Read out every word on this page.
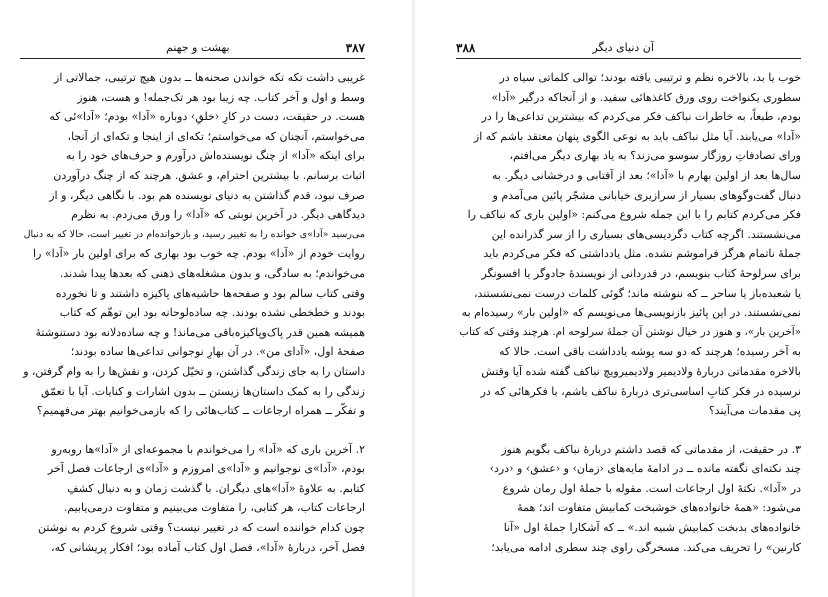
۳۸۷
بهشت و جهنم
غریبی داشت تکه تکه خواندن صحنه‌ها ــ بدون هیچ ترتیبی، جمالاتی از
وسط و اول و آخر کتاب. چه زیبا بود هر تک‌جمله! و هست، هنوز
هست. در حقیقت، دست در کارِ ‹خلقِ› دوباره «آدا» بودم؛ «آدا»ئی که
می‌خواستم، آنچنان که می‌خواستم؛ تکه‌ای از اینجا و تکه‌ای از آنجا،
برای اینکه «آدا» از چنگ نویسنده‌اش درآورم و حرف‌های خود را به
اثبات برسانم. با بیشترین احترام، و عشق. هرچند که از چنگ درآوردن
صرف نبود، قدم گذاشتن به دنیای نویسنده هم بود. با نگاهی دیگر، و از
دیدگاهی دیگر. در آخرین نوبتی که «آدا» را ورق می‌زدم. به نظرم
می‌رسید «آدا»ی خوانده را به تغییر رسید، و بازخوانده‌ام در تغییر است، حالا که به دنبال
روایت خودم از «آدا» بودم. چه خوب بود بهاری که برای اولین بار «آدا» را
می‌خواندم؛ به سادگی، و بدون مشغله‌های ذهنی که بعدها پیدا شدند.
وقتی کتاب سالم بود و صفحه‌ها حاشیه‌های پاکیزه داشتند و تا نخورده
بودند و خطخطی نشده بودند. چه ساده‌لوحانه بود این توهّم که کتاب
همیشه همین قدر پاک‌وپاکیزه‌باقی می‌ماند! و چه ساده‌دلانه بود دستنوشتهٔ
صفحهٔ اول، «آدای من». در آن بهارِ نوجوانی تداعی‌ها ساده بودند؛
داستان را به جای زندگی گذاشتن، و تخیّل کردن، و نقش‌ها را به وام گرفتن، و
زندگی را به کمک داستان‌ها زیستن ــ بدون اشارات و کنایات. آیا با تعمّق
و تفکّر ــ همراه ارجاعات ــ کتاب‌هائی را که بازمی‌خوانیم بهتر می‌فهمیم؟
۲. آخرین باری که «آدا» را می‌خواندم با مجموعه‌ای از «آدا»ها روبه‌رو
بودم، «آدا»ی نوجوانیم و «آدا»ی امروزم و «آدا»ی ارجاعات فصل آخر
کتابم. به علاوهٔ «آدا»های دیگران. با گذشت زمان و به دنبال کشفِ
ارجاعات کتاب، هر کتابی، را متفاوت می‌بینیم و متفاوت درمی‌یابیم.
چون کدام خواننده است که در تغییر نیست؟ وقتی شروع کردم به نوشتن
فصل آخر، دربارهٔ «آدا»، فصل اول کتاب آماده بود؛ افکار پریشانی که،
آن دنیای دیگر
۳۸۸
خوب یا بد، بالاخره نظم و ترتیبی یافته بودند؛ توالی کلماتی سیاه در
سطوری یکنواخت روی ورق کاغذهائی سفید. و از آنجاکه درگیر «آدا»
بودم، طبعاً، به خاطرات نباکف فکر می‌کردم که بیشترین تداعی‌ها را در
«آدا» می‌یابند. آیا مثل نباکف باید به نوعی الگوی پنهان معتقد باشم که از
ورای تصادفاتِ روزگار سوسو می‌زند؟ به یاد بهاری دیگر می‌افتم،
سال‌ها بعد از اولین بهارم با «آدا»؛ بعد از آفتابی و درخشانی دیگر. به
دنبال گفت‌وگوهای بسیار از سرازیری خیابانی مشجّر پائین می‌آمدم و
فکر می‌کردم کتابم را با این جمله شروع می‌کنم: «اولین باری که نباکف را
می‌نشستند. اگرچه کتاب دگردیسی‌های بسیاری را از سر گذرانده این
جملهٔ ناتمام هرگز فراموشم نشده. مثل یادداشتی که فکر می‌کردم باید
برای سرلوحهٔ کتاب بنویسم، در قدردانی از نویسندهٔ جادوگر یا افسونگر
یا شعبده‌باز یا ساحر ــ که ننوشته ماند؛ گوئی کلمات درست نمی‌نشستند،
نمی‌نشستند. در این پائیز بازنویسی‌ها می‌نویسم که «اولین بار» رسیده‌ام به
«آخرین بار»، و هنوز در خیال نوشتن آن جملهٔ سرلوحه ام. هرچند وقتی که کتاب
به آخر رسیده؛ هرچند که دو سه پوشه یادداشت باقی است. حالا که
بالاخره مقدماتی دربارهٔ ولادیمیر ولادیمیرویچ نباکف گفته شده آیا وقتش
نرسیده در فکر کتابِ اساسی‌تری دربارهٔ نباکف باشم، با فکرهائی که در
پی مقدمات می‌آیند؟
۳. در حقیقت، از مقدماتی که قصد داشتم دربارهٔ نباکف بگویم هنوز
چند نکته‌ای نگفته مانده ــ در ادامهٔ مایه‌های ‹زمان› و ‹عشق› و ‹درد›
در «آدا». نکتهٔ اول ارجاعات است. مقوله‌ با جملهٔ اول رمان شروع
می‌شود: «همهٔ خانواده‌های خوشبخت کمابیش متفاوت اند؛ همهٔ
خانواده‌های بدبخت کمابیش شبیه اند.» ــ که آشکارا جملهٔ اول «آنا
کارنین» را تحریف می‌کند. مسخرگی راوی چند سطری ادامه می‌یابد؛
